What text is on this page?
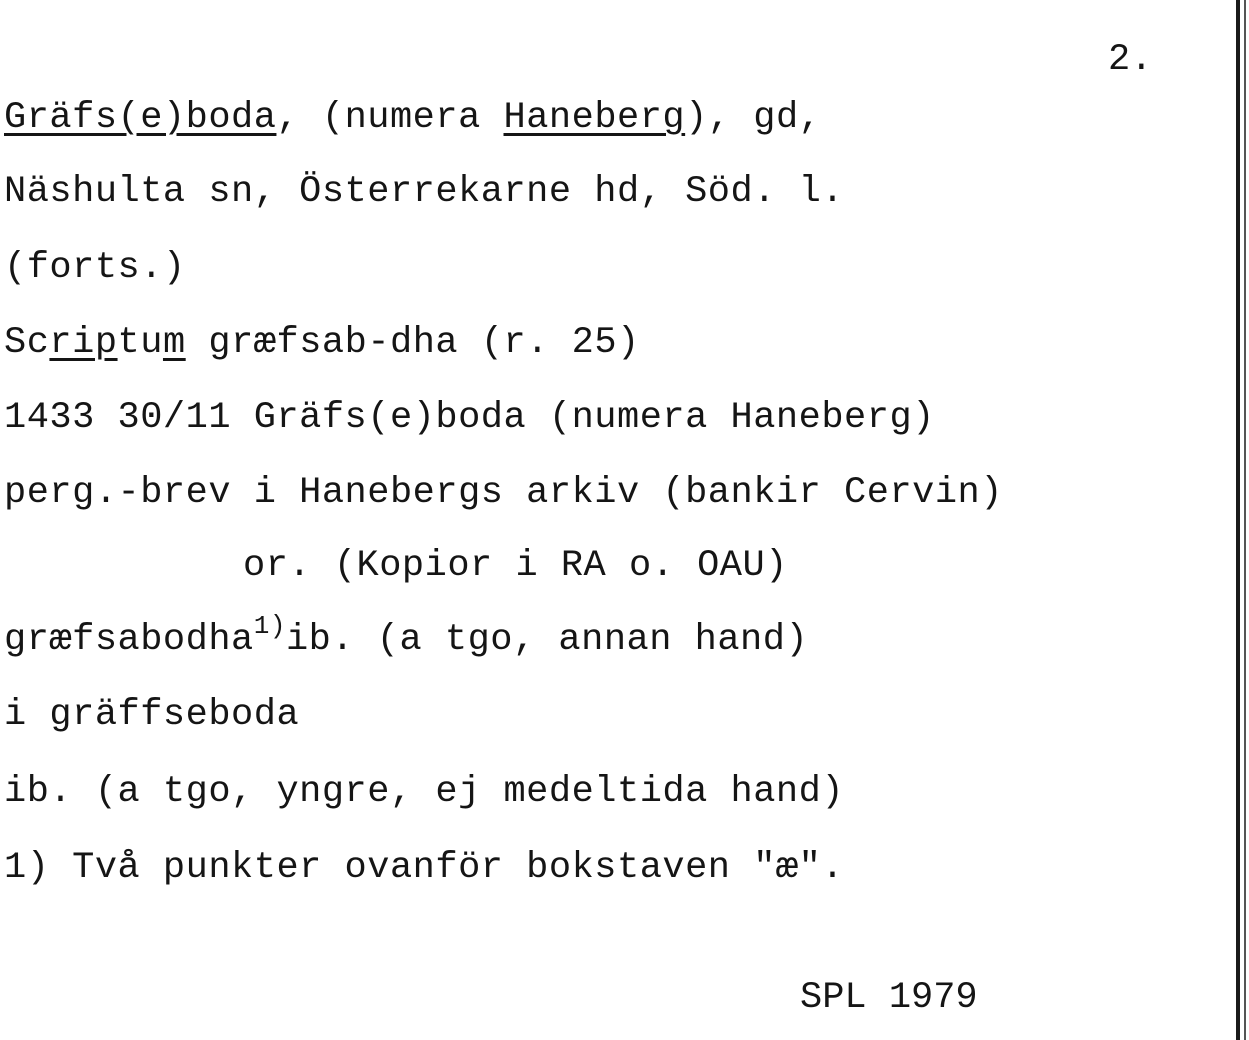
2.
Gräfs(e)boda, (numera Haneberg), gd,
Näshulta sn, Österrekarne hd, Söd. l.
(forts.)
Scriptum græfsab-dha (r. 25)
1433 30/11 Gräfs(e)boda (numera Haneberg)
perg.-brev i Hanebergs arkiv (bankir Cervin)
or. (Kopior i RA o. OAU)
græfsabodha$^{1)}$ib. (a tgo, annan hand)
i gräffseboda
ib. (a tgo, yngre, ej medeltida hand)
1) Två punkter ovanför bokstaven "æ".
SPL 1979
